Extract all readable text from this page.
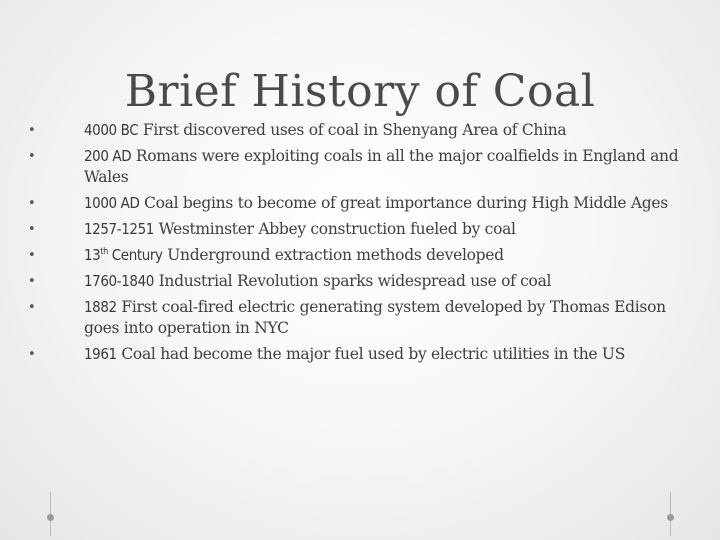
Brief History of Coal
•	4000 BC First discovered uses of coal in Shenyang Area of China
•	200 AD Romans were exploiting coals in all the major coalfields in England and Wales
•	1000 AD Coal begins to become of great importance during High Middle Ages
•	1257-1251 Westminster Abbey construction fueled by coal
•	13th Century Underground extraction methods developed
•	1760-1840 Industrial Revolution sparks widespread use of coal
•	1882 First coal-fired electric generating system developed by Thomas Edison goes into operation in NYC
•	1961 Coal had become the major fuel used by electric utilities in the US
